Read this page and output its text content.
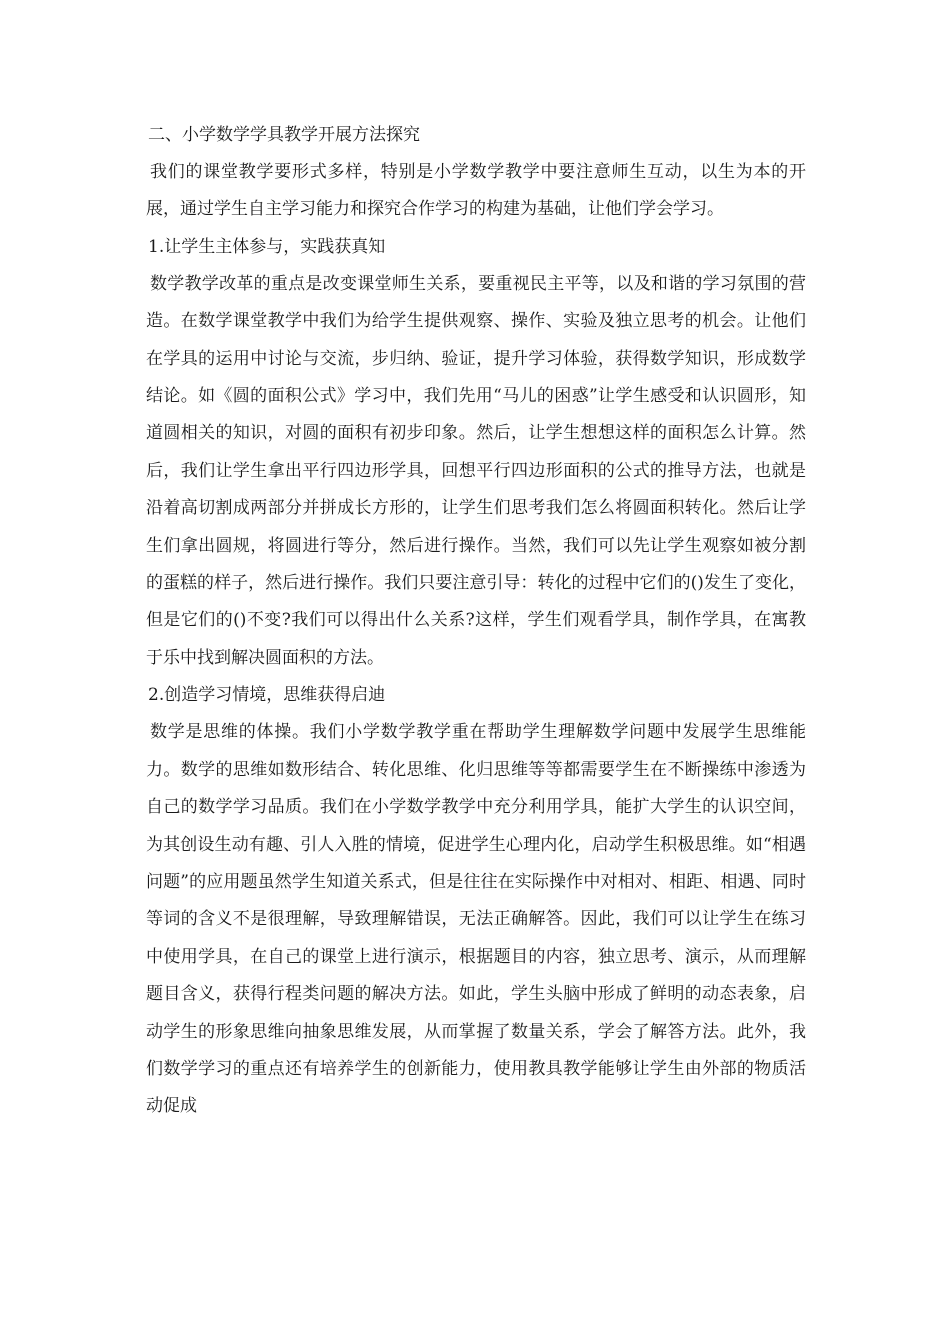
二、小学数学学具教学开展方法探究

我们的课堂教学要形式多样，特别是小学数学教学中要注意师生互动，以生为本的开展，通过学生自主学习能力和探究合作学习的构建为基础，让他们学会学习。

1.让学生主体参与，实践获真知

数学教学改革的重点是改变课堂师生关系，要重视民主平等，以及和谐的学习氛围的营造。在数学课堂教学中我们为给学生提供观察、操作、实验及独立思考的机会。让他们在学具的运用中讨论与交流，步归纳、验证，提升学习体验，获得数学知识，形成数学结论。如《圆的面积公式》学习中，我们先用“马儿的困惑”让学生感受和认识圆形，知道圆相关的知识，对圆的面积有初步印象。然后，让学生想想这样的面积怎么计算。然后，我们让学生拿出平行四边形学具，回想平行四边形面积的公式的推导方法，也就是沿着高切割成两部分并拼成长方形的，让学生们思考我们怎么将圆面积转化。然后让学生们拿出圆规，将圆进行等分，然后进行操作。当然，我们可以先让学生观察如被分割的蛋糕的样子，然后进行操作。我们只要注意引导：转化的过程中它们的()发生了变化，但是它们的()不变?我们可以得出什么关系?这样，学生们观看学具，制作学具，在寓教于乐中找到解决圆面积的方法。

2.创造学习情境，思维获得启迪

数学是思维的体操。我们小学数学教学重在帮助学生理解数学问题中发展学生思维能力。数学的思维如数形结合、转化思维、化归思维等等都需要学生在不断操练中渗透为自己的数学学习品质。我们在小学数学教学中充分利用学具，能扩大学生的认识空间，为其创设生动有趣、引人入胜的情境，促进学生心理内化，启动学生积极思维。如“相遇问题”的应用题虽然学生知道关系式，但是往往在实际操作中对相对、相距、相遇、同时等词的含义不是很理解，导致理解错误，无法正确解答。因此，我们可以让学生在练习中使用学具，在自己的课堂上进行演示，根据题目的内容，独立思考、演示，从而理解题目含义，获得行程类问题的解决方法。如此，学生头脑中形成了鲜明的动态表象，启动学生的形象思维向抽象思维发展，从而掌握了数量关系，学会了解答方法。此外，我们数学学习的重点还有培养学生的创新能力，使用教具教学能够让学生由外部的物质活动促成
